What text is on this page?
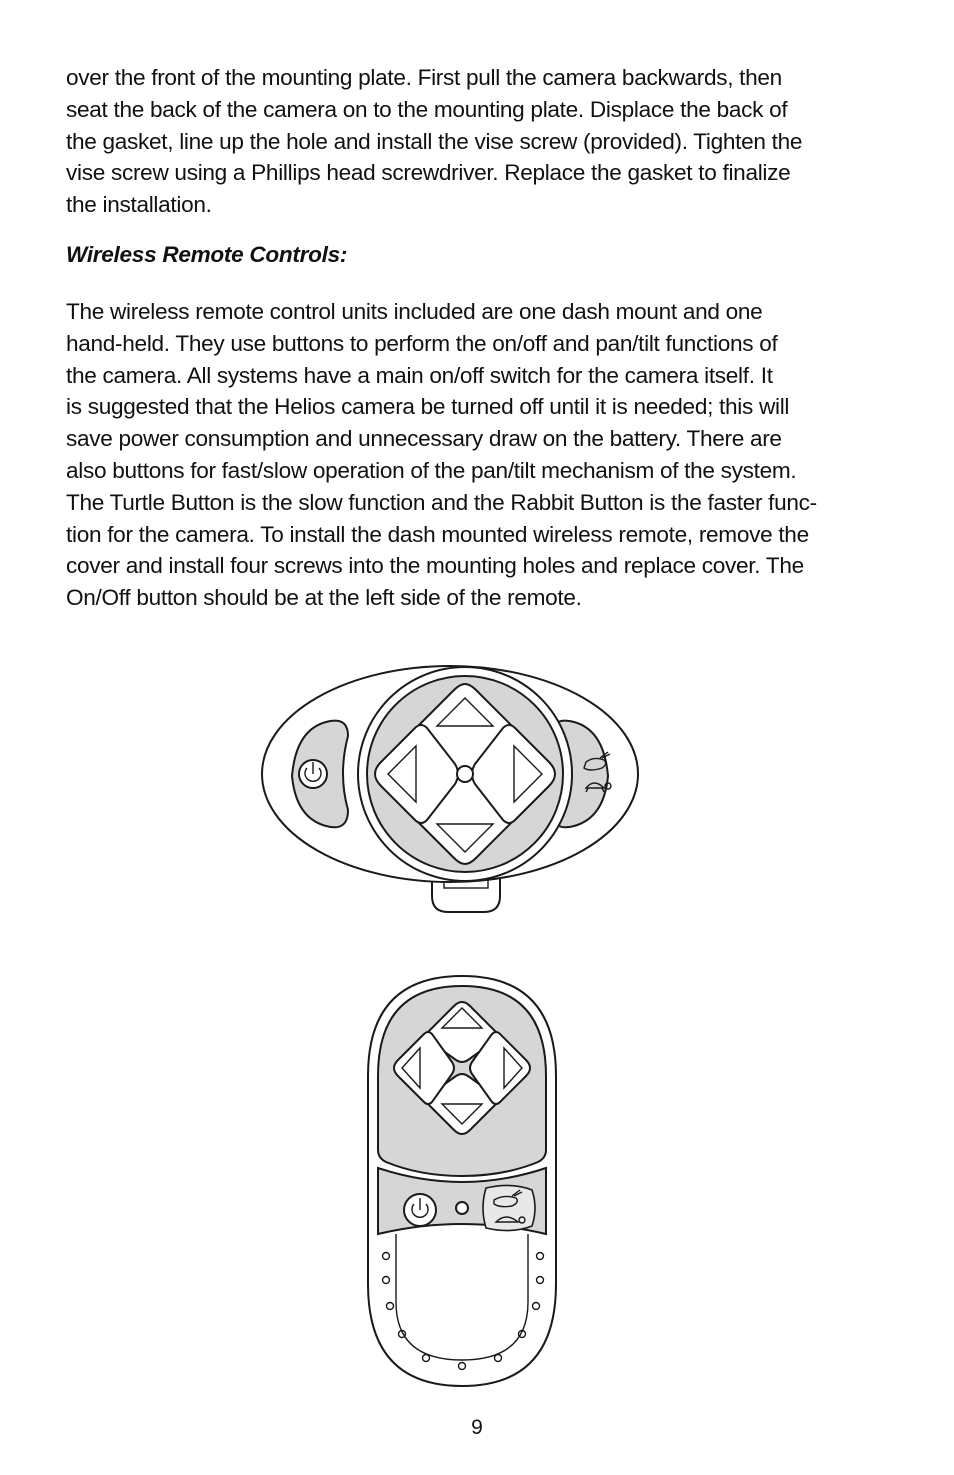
over the front of the mounting plate. First pull the camera backwards, then
seat the back of the camera on to the mounting plate. Displace the back of
the gasket, line up the hole and install the vise screw (provided). Tighten the
vise screw using a Phillips head screwdriver. Replace the gasket to finalize
the installation.

Wireless Remote Controls:

The wireless remote control units included are one dash mount and one
hand-held. They use buttons to perform the on/off and pan/tilt functions of
the camera. All systems have a main on/off switch for the camera itself. It
is suggested that the Helios camera be turned off until it is needed; this will
save power consumption and unnecessary draw on the battery. There are
also buttons for fast/slow operation of the pan/tilt mechanism of the system.
The Turtle Button is the slow function and the Rabbit Button is the faster func-
tion for the camera. To install the dash mounted wireless remote, remove the
cover and install four screws into the mounting holes and replace cover. The
On/Off button should be at the left side of the remote.

9
